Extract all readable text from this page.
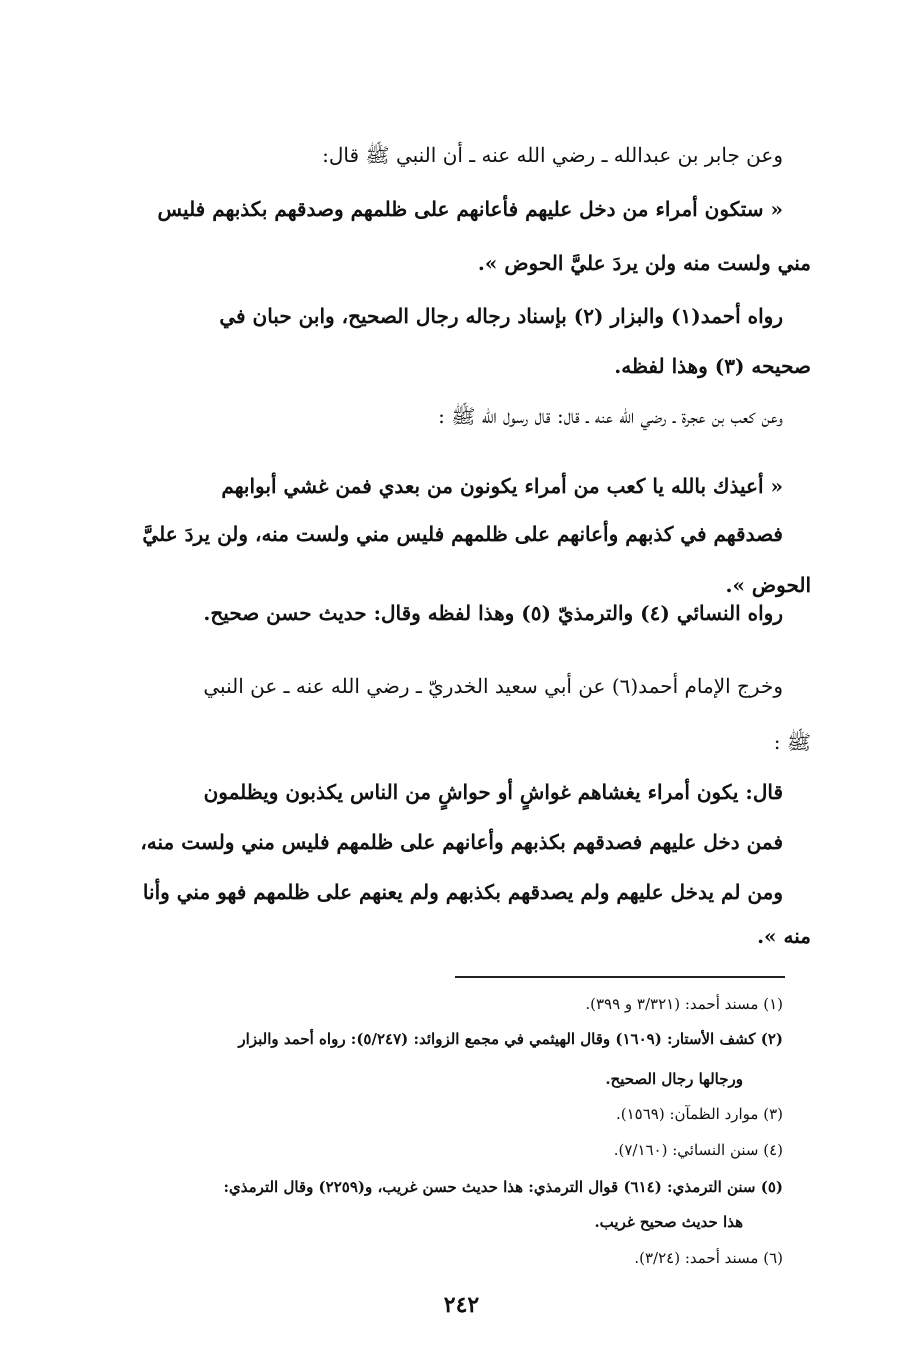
وعن جابر بن عبدالله ـ رضي الله عنه ـ أن النبي ﷺ قال:
« ستكون أمراء من دخل عليهم فأعانهم على ظلمهم وصدقهم بكذبهم فليس
مني ولست منه ولن يردَ عليَّ الحوض ».
رواه أحمد(١) والبزار (٢) بإسناد رجاله رجال الصحيح، وابن حبان في
صحيحه (٣) وهذا لفظه.
وعن كعب بن عجرة ـ رضي الله عنه ـ قال: قال رسول الله ﷺ :
« أعيذك بالله يا كعب من أمراء يكونون من بعدي فمن غشي أبوابهم
فصدقهم في كذبهم وأعانهم على ظلمهم فليس مني ولست منه، ولن يردَ عليَّ
الحوض ».
رواه النسائي (٤) والترمذيّ (٥) وهذا لفظه وقال: حديث حسن صحيح.
وخرج الإمام أحمد(٦) عن أبي سعيد الخدريّ ـ رضي الله عنه ـ عن النبي
ﷺ :
قال: يكون أمراء يغشاهم غواشٍ أو حواشٍ من الناس يكذبون ويظلمون
فمن دخل عليهم فصدقهم بكذبهم وأعانهم على ظلمهم فليس مني ولست منه،
ومن لم يدخل عليهم ولم يصدقهم بكذبهم ولم يعنهم على ظلمهم فهو مني وأنا
منه ».
(١) مسند أحمد: (٣/٣٢١ و ٣٩٩).
(٢) كشف الأستار: (١٦٠٩) وقال الهيثمي في مجمع الزوائد: (٥/٢٤٧): رواه أحمد والبزار
ورجالها رجال الصحيح.
(٣) موارد الظمآن: (١٥٦٩).
(٤) سنن النسائي: (٧/١٦٠).
(٥) سنن الترمذي: (٦١٤) قوال الترمذي: هذا حديث حسن غريب، و(٢٢٥٩) وقال الترمذي:
هذا حديث صحيح غريب.
(٦) مسند أحمد: (٣/٢٤).
٢٤٢
